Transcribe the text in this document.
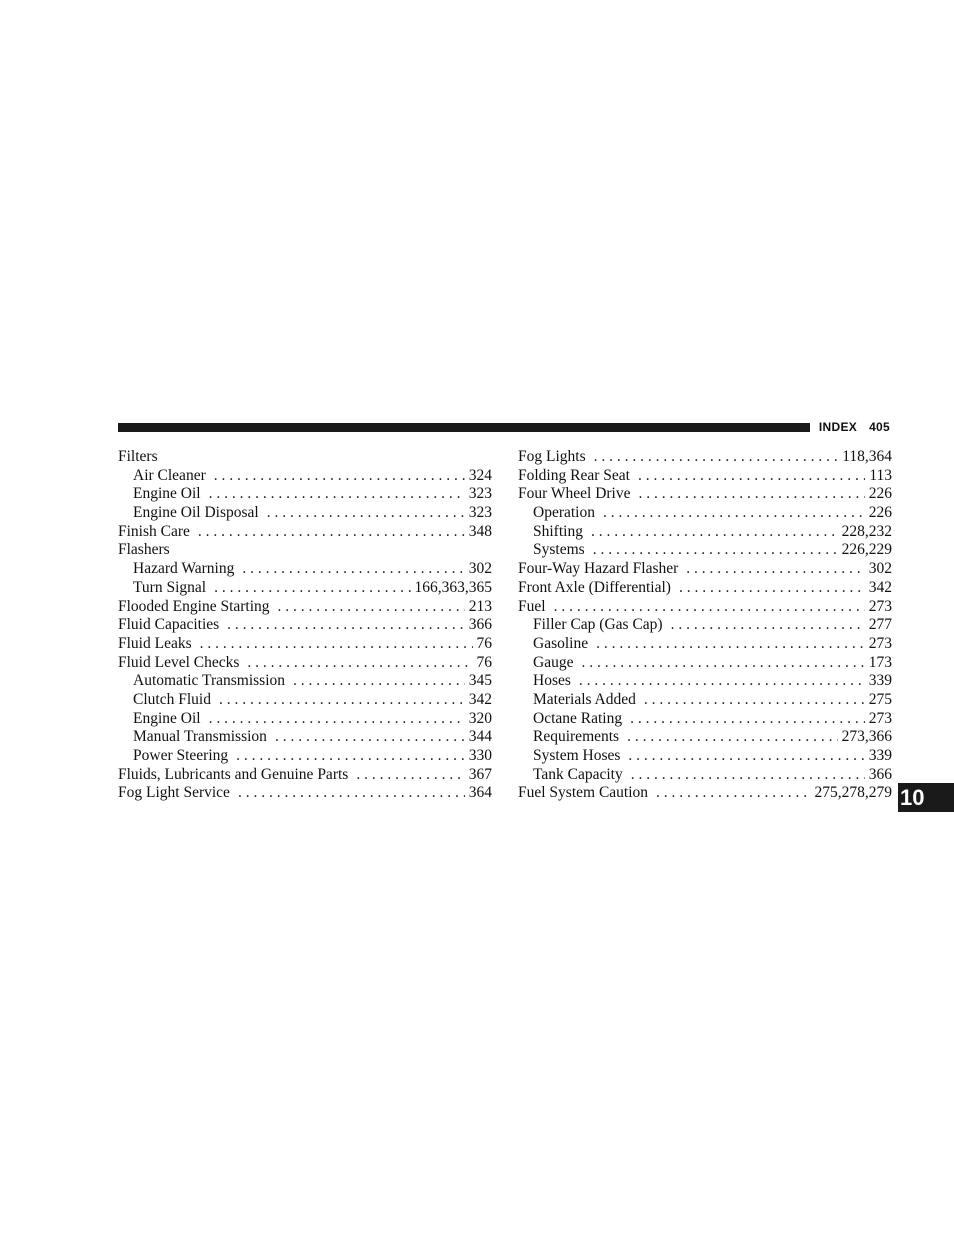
INDEX 405
Filters
Air Cleaner . . .	324
Engine Oil . . .	323
Engine Oil Disposal . . .	323
Finish Care . . .	348
Flashers
Hazard Warning . . .	302
Turn Signal . . .	166,363,365
Flooded Engine Starting . . .	213
Fluid Capacities . . .	366
Fluid Leaks . . .	76
Fluid Level Checks . . .	76
Automatic Transmission . . .	345
Clutch Fluid . . .	342
Engine Oil . . .	320
Manual Transmission . . .	344
Power Steering . . .	330
Fluids, Lubricants and Genuine Parts . . .	367
Fog Light Service . . .	364
Fog Lights . . .	118,364
Folding Rear Seat . . .	113
Four Wheel Drive . . .	226
Operation . . .	226
Shifting . . .	228,232
Systems . . .	226,229
Four-Way Hazard Flasher . . .	302
Front Axle (Differential) . . .	342
Fuel . . .	273
Filler Cap (Gas Cap) . . .	277
Gasoline . . .	273
Gauge . . .	173
Hoses . . .	339
Materials Added . . .	275
Octane Rating . . .	273
Requirements . . .	273,366
System Hoses . . .	339
Tank Capacity . . .	366
Fuel System Caution . . .	275,278,279 10
